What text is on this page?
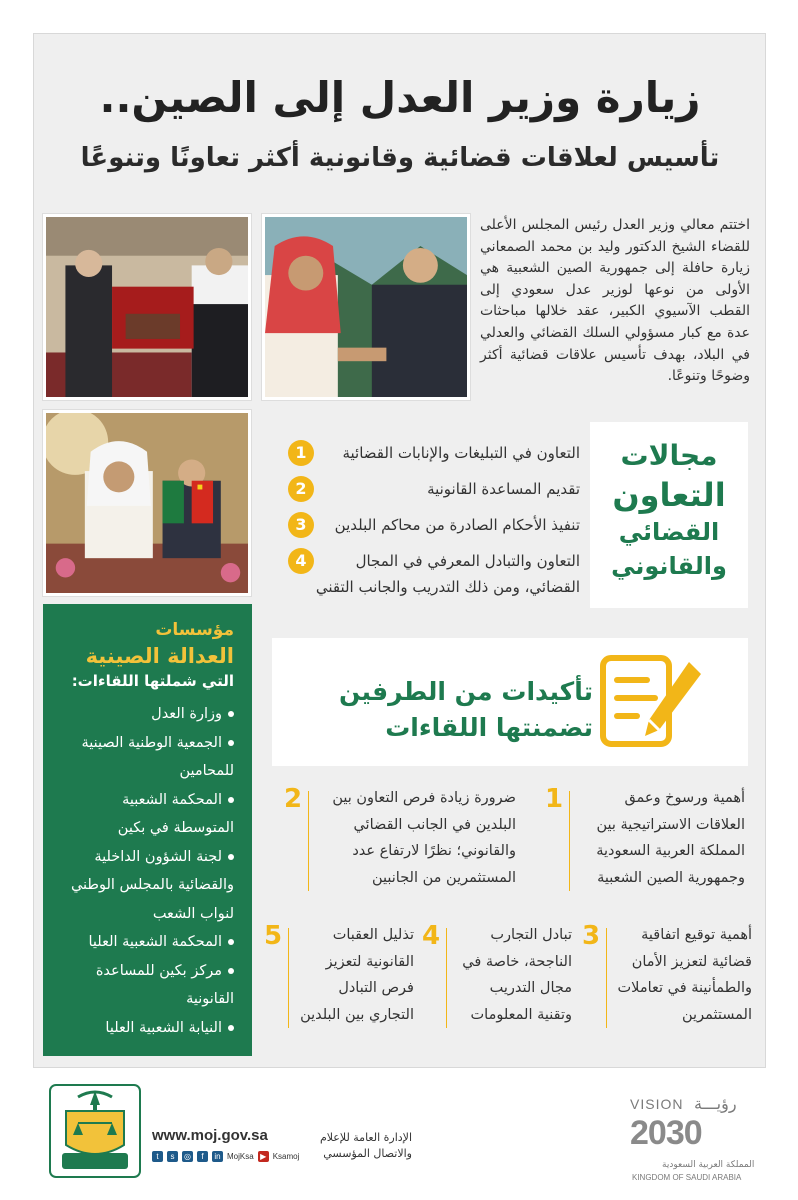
زيارة وزير العدل إلى الصين..
تأسيس لعلاقات قضائية وقانونية أكثر تعاونًا وتنوعًا

اختتم معالي وزير العدل رئيس المجلس الأعلى للقضاء الشيخ الدكتور وليد بن محمد الصمعاني زيارة حافلة إلى جمهورية الصين الشعبية هي الأولى من نوعها لوزير عدل سعودي إلى القطب الآسيوي الكبير، عقد خلالها مباحثات عدة مع كبار مسؤولي السلك القضائي والعدلي في البلاد، بهدف تأسيس علاقات قضائية أكثر وضوحًا وتنوعًا.

مجالات
التعاون
القضائي
والقانوني
1	التعاون في التبليغات والإنابات القضائية
2	تقديم المساعدة القانونية
3	تنفيذ الأحكام الصادرة من محاكم البلدين
4	التعاون والتبادل المعرفي في المجال القضائي، ومن ذلك التدريب والجانب التقني
مؤسسات
العدالة الصينية
التي شملتها اللقاءات:
وزارة العدل
الجمعية الوطنية الصينية للمحامين
المحكمة الشعبية المتوسطة في بكين
لجنة الشؤون الداخلية والقضائية بالمجلس الوطني لنواب الشعب
المحكمة الشعبية العليا
مركز بكين للمساعدة القانونية
النيابة الشعبية العليا
تأكيدات من الطرفين
تضمنتها اللقاءات
1	أهمية ورسوخ وعمق العلاقات الاستراتيجية بين المملكة العربية السعودية وجمهورية الصين الشعبية
2	ضرورة زيادة فرص التعاون بين البلدين في الجانب القضائي والقانوني؛ نظرًا لارتفاع عدد المستثمرين من الجانبين
3	أهمية توقيع اتفاقية قضائية لتعزيز الأمان والطمأنينة في تعاملات المستثمرين
4	تبادل التجارب الناجحة، خاصة في مجال التدريب وتقنية المعلومات
5	تذليل العقبات القانونية لتعزيز فرص التبادل التجاري بين البلدين
www.moj.gov.sa
t	s	◎	f	in MojKsa ▶ Ksamoj
الإدارة العامة للإعلام
والاتصال المؤسسي
VISION رؤيـــة
2030
المملكة العربية السعودية
KINGDOM OF SAUDI ARABIA
